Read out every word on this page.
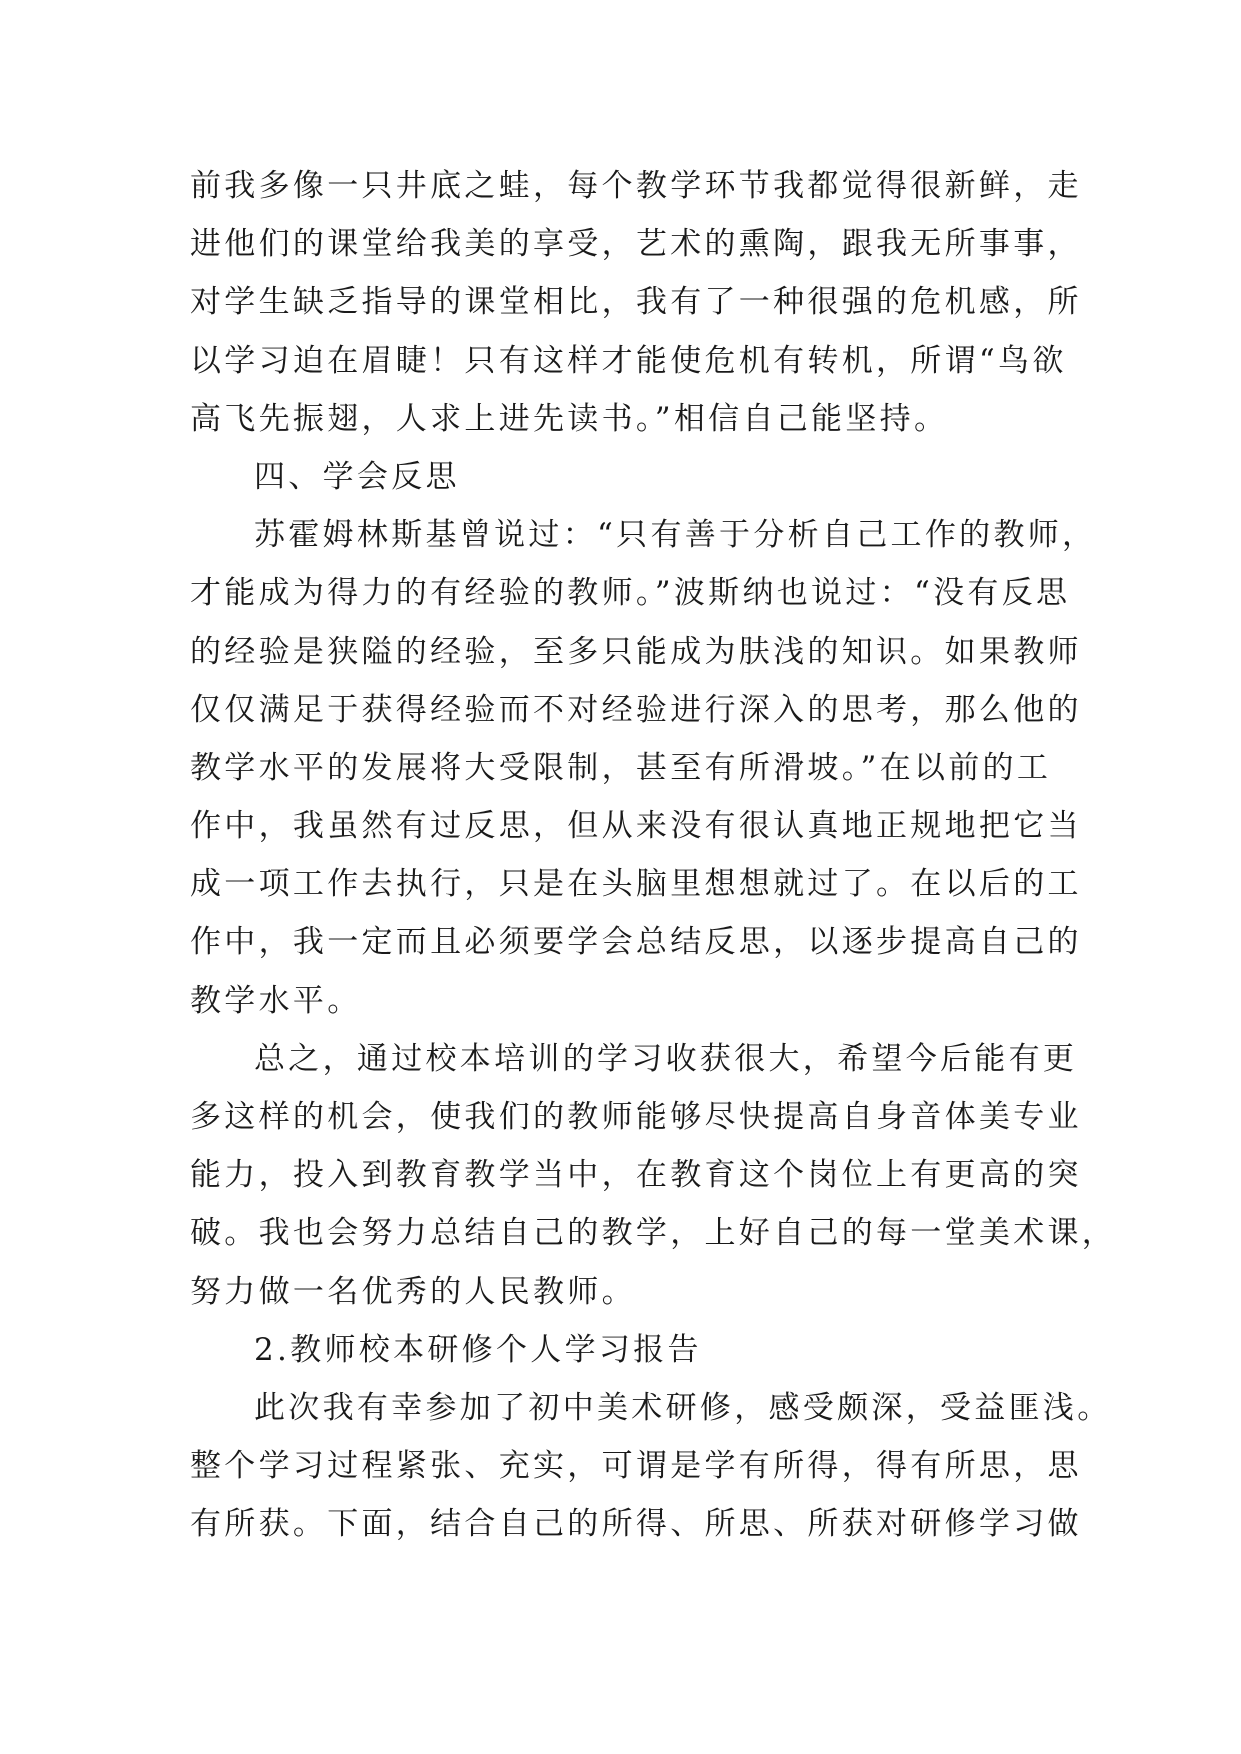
前我多像一只井底之蛙，每个教学环节我都觉得很新鲜，走
进他们的课堂给我美的享受，艺术的熏陶，跟我无所事事，
对学生缺乏指导的课堂相比，我有了一种很强的危机感，所
以学习迫在眉睫！只有这样才能使危机有转机，所谓“鸟欲
高飞先振翅，人求上进先读书。”相信自己能坚持。
四、学会反思
苏霍姆林斯基曾说过：“只有善于分析自己工作的教师，
才能成为得力的有经验的教师。”波斯纳也说过：“没有反思
的经验是狭隘的经验，至多只能成为肤浅的知识。如果教师
仅仅满足于获得经验而不对经验进行深入的思考，那么他的
教学水平的发展将大受限制，甚至有所滑坡。”在以前的工
作中，我虽然有过反思，但从来没有很认真地正规地把它当
成一项工作去执行，只是在头脑里想想就过了。在以后的工
作中，我一定而且必须要学会总结反思，以逐步提高自己的
教学水平。
总之，通过校本培训的学习收获很大，希望今后能有更
多这样的机会，使我们的教师能够尽快提高自身音体美专业
能力，投入到教育教学当中，在教育这个岗位上有更高的突
破。我也会努力总结自己的教学，上好自己的每一堂美术课，
努力做一名优秀的人民教师。
2.教师校本研修个人学习报告
此次我有幸参加了初中美术研修，感受颇深，受益匪浅。
整个学习过程紧张、充实，可谓是学有所得，得有所思，思
有所获。下面，结合自己的所得、所思、所获对研修学习做
